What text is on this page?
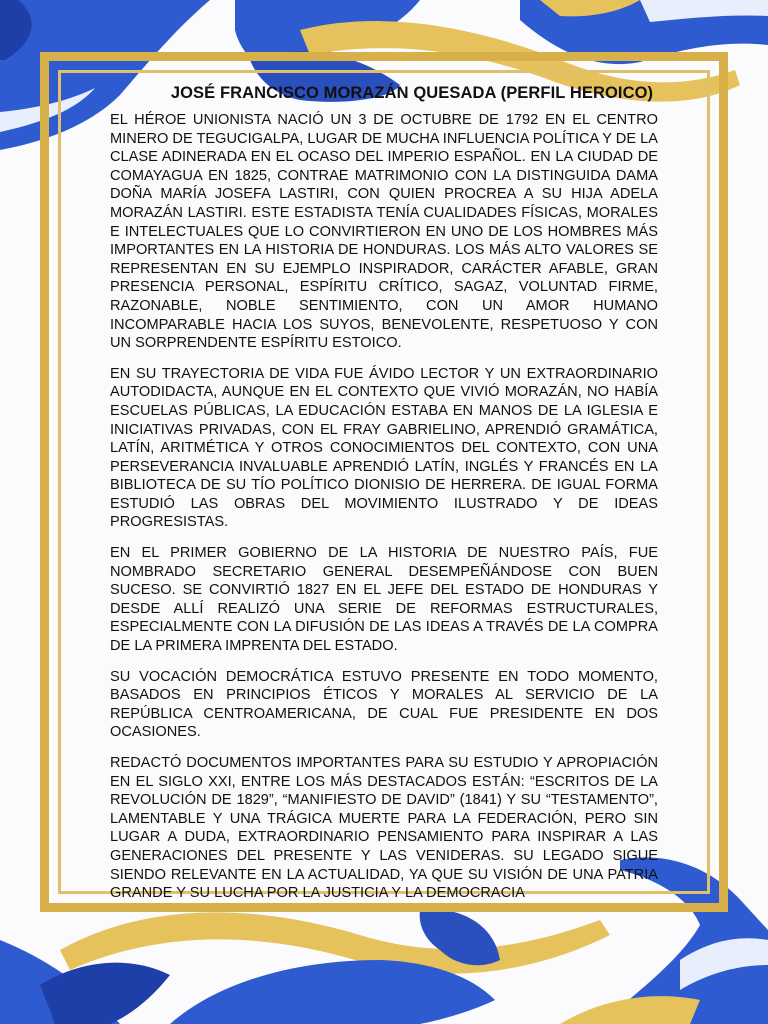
JOSÉ FRANCISCO MORAZÁN QUESADA (PERFIL HEROICO)

EL HÉROE UNIONISTA NACIÓ UN 3 DE OCTUBRE DE 1792 EN EL CENTRO MINERO DE TEGUCIGALPA, LUGAR DE MUCHA INFLUENCIA POLÍTICA Y DE LA CLASE ADINERADA EN EL OCASO DEL IMPERIO ESPAÑOL. EN LA CIUDAD DE COMAYAGUA EN 1825, CONTRAE MATRIMONIO CON LA DISTINGUIDA DAMA DOÑA MARÍA JOSEFA LASTIRI, CON QUIEN PROCREA A SU HIJA ADELA MORAZÁN LASTIRI. ESTE ESTADISTA TENÍA CUALIDADES FÍSICAS, MORALES E INTELECTUALES QUE LO CONVIRTIERON EN UNO DE LOS HOMBRES MÁS IMPORTANTES EN LA HISTORIA DE HONDURAS. LOS MÁS ALTO VALORES SE REPRESENTAN EN SU EJEMPLO INSPIRADOR, CARÁCTER AFABLE, GRAN PRESENCIA PERSONAL, ESPÍRITU CRÍTICO, SAGAZ, VOLUNTAD FIRME, RAZONABLE, NOBLE SENTIMIENTO, CON UN AMOR HUMANO INCOMPARABLE HACIA LOS SUYOS, BENEVOLENTE, RESPETUOSO Y CON UN SORPRENDENTE ESPÍRITU ESTOICO.

EN SU TRAYECTORIA DE VIDA FUE ÁVIDO LECTOR Y UN EXTRAORDINARIO AUTODIDACTA, AUNQUE EN EL CONTEXTO QUE VIVIÓ MORAZÁN, NO HABÍA ESCUELAS PÚBLICAS, LA EDUCACIÓN ESTABA EN MANOS DE LA IGLESIA E INICIATIVAS PRIVADAS, CON EL FRAY GABRIELINO, APRENDIÓ GRAMÁTICA, LATÍN, ARITMÉTICA Y OTROS CONOCIMIENTOS DEL CONTEXTO, CON UNA PERSEVERANCIA INVALUABLE APRENDIÓ LATÍN, INGLÉS Y FRANCÉS EN LA BIBLIOTECA DE SU TÍO POLÍTICO DIONISIO DE HERRERA. DE IGUAL FORMA ESTUDIÓ LAS OBRAS DEL MOVIMIENTO ILUSTRADO Y DE IDEAS PROGRESISTAS.

EN EL PRIMER GOBIERNO DE LA HISTORIA DE NUESTRO PAÍS, FUE NOMBRADO SECRETARIO GENERAL DESEMPEÑÁNDOSE CON BUEN SUCESO. SE CONVIRTIÓ 1827 EN EL JEFE DEL ESTADO DE HONDURAS Y DESDE ALLÍ REALIZÓ UNA SERIE DE REFORMAS ESTRUCTURALES, ESPECIALMENTE CON LA DIFUSIÓN DE LAS IDEAS A TRAVÉS DE LA COMPRA DE LA PRIMERA IMPRENTA DEL ESTADO.

SU VOCACIÓN DEMOCRÁTICA ESTUVO PRESENTE EN TODO MOMENTO, BASADOS EN PRINCIPIOS ÉTICOS Y MORALES AL SERVICIO DE LA REPÚBLICA CENTROAMERICANA, DE CUAL FUE PRESIDENTE EN DOS OCASIONES.

REDACTÓ DOCUMENTOS IMPORTANTES PARA SU ESTUDIO Y APROPIACIÓN EN EL SIGLO XXI, ENTRE LOS MÁS DESTACADOS ESTÁN: “ESCRITOS DE LA REVOLUCIÓN DE 1829”, “MANIFIESTO DE DAVID” (1841) Y SU “TESTAMENTO”, LAMENTABLE Y UNA TRÁGICA MUERTE PARA LA FEDERACIÓN, PERO SIN LUGAR A DUDA, EXTRAORDINARIO PENSAMIENTO PARA INSPIRAR A LAS GENERACIONES DEL PRESENTE Y LAS VENIDERAS. SU LEGADO SIGUE SIENDO RELEVANTE EN LA ACTUALIDAD, YA QUE SU VISIÓN DE UNA PATRIA GRANDE Y SU LUCHA POR LA JUSTICIA Y LA DEMOCRACIA
